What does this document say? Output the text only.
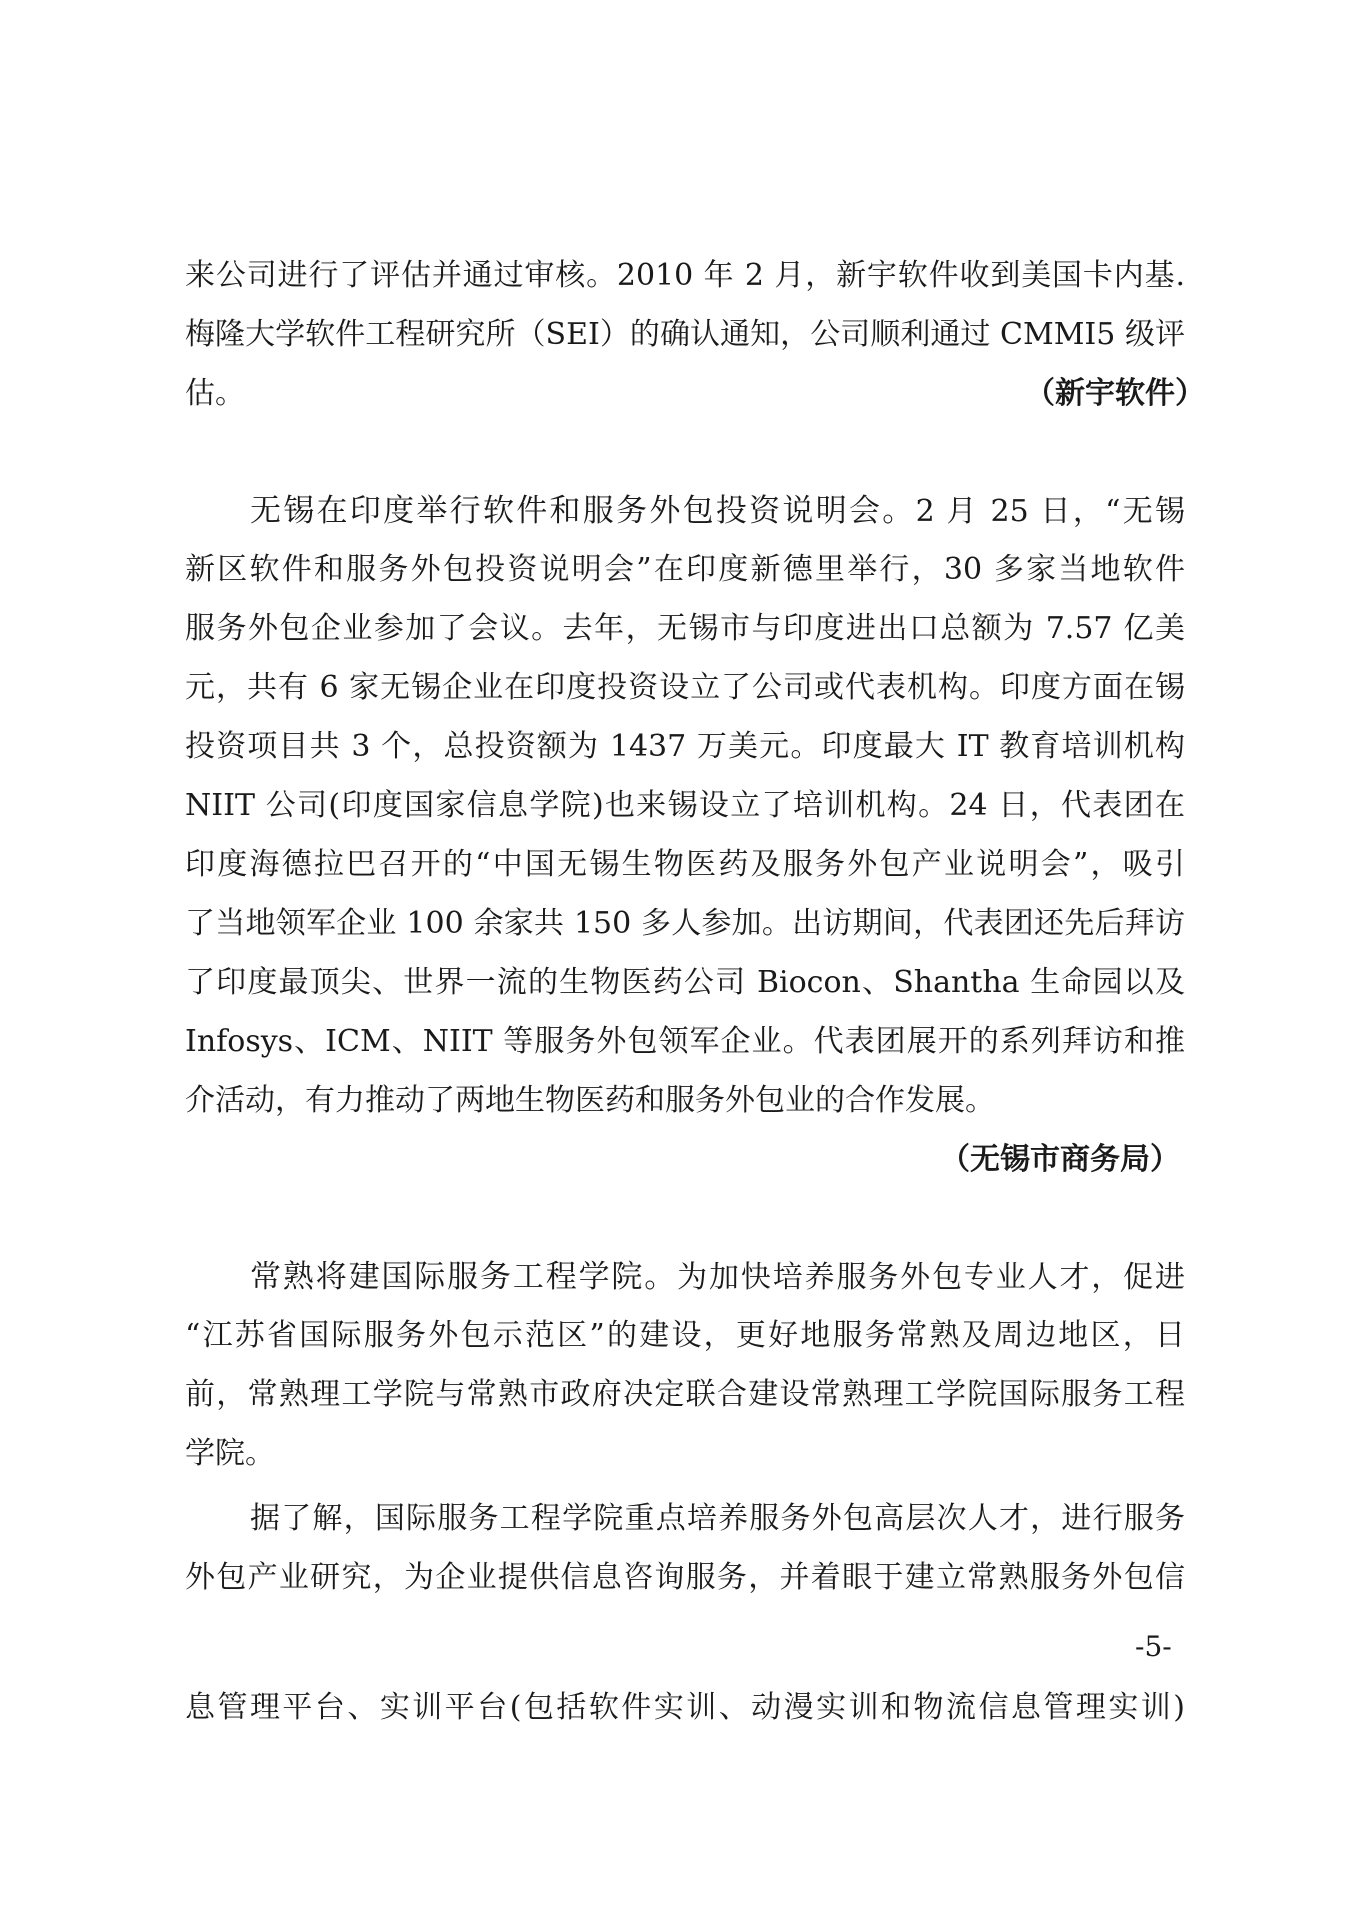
来公司进行了评估并通过审核。2010 年 2 月，新宇软件收到美国卡内基.
梅隆大学软件工程研究所（SEI）的确认通知，公司顺利通过 CMMI5 级评
估。	（新宇软件）
无锡在印度举行软件和服务外包投资说明会。2 月 25 日，“无锡
新区软件和服务外包投资说明会”在印度新德里举行，30 多家当地软件
服务外包企业参加了会议。去年，无锡市与印度进出口总额为 7.57 亿美
元，共有 6 家无锡企业在印度投资设立了公司或代表机构。印度方面在锡
投资项目共 3 个，总投资额为 1437 万美元。印度最大 IT 教育培训机构
NIIT 公司(印度国家信息学院)也来锡设立了培训机构。24 日，代表团在
印度海德拉巴召开的“中国无锡生物医药及服务外包产业说明会”，吸引
了当地领军企业 100 余家共 150 多人参加。出访期间，代表团还先后拜访
了印度最顶尖、世界一流的生物医药公司 Biocon、Shantha 生命园以及
Infosys、ICM、NIIT 等服务外包领军企业。代表团展开的系列拜访和推
介活动，有力推动了两地生物医药和服务外包业的合作发展。
（无锡市商务局）
常熟将建国际服务工程学院。为加快培养服务外包专业人才，促进
“江苏省国际服务外包示范区”的建设，更好地服务常熟及周边地区，日
前，常熟理工学院与常熟市政府决定联合建设常熟理工学院国际服务工程
学院。
据了解，国际服务工程学院重点培养服务外包高层次人才，进行服务
外包产业研究，为企业提供信息咨询服务，并着眼于建立常熟服务外包信
-5-
息管理平台、实训平台(包括软件实训、动漫实训和物流信息管理实训)
